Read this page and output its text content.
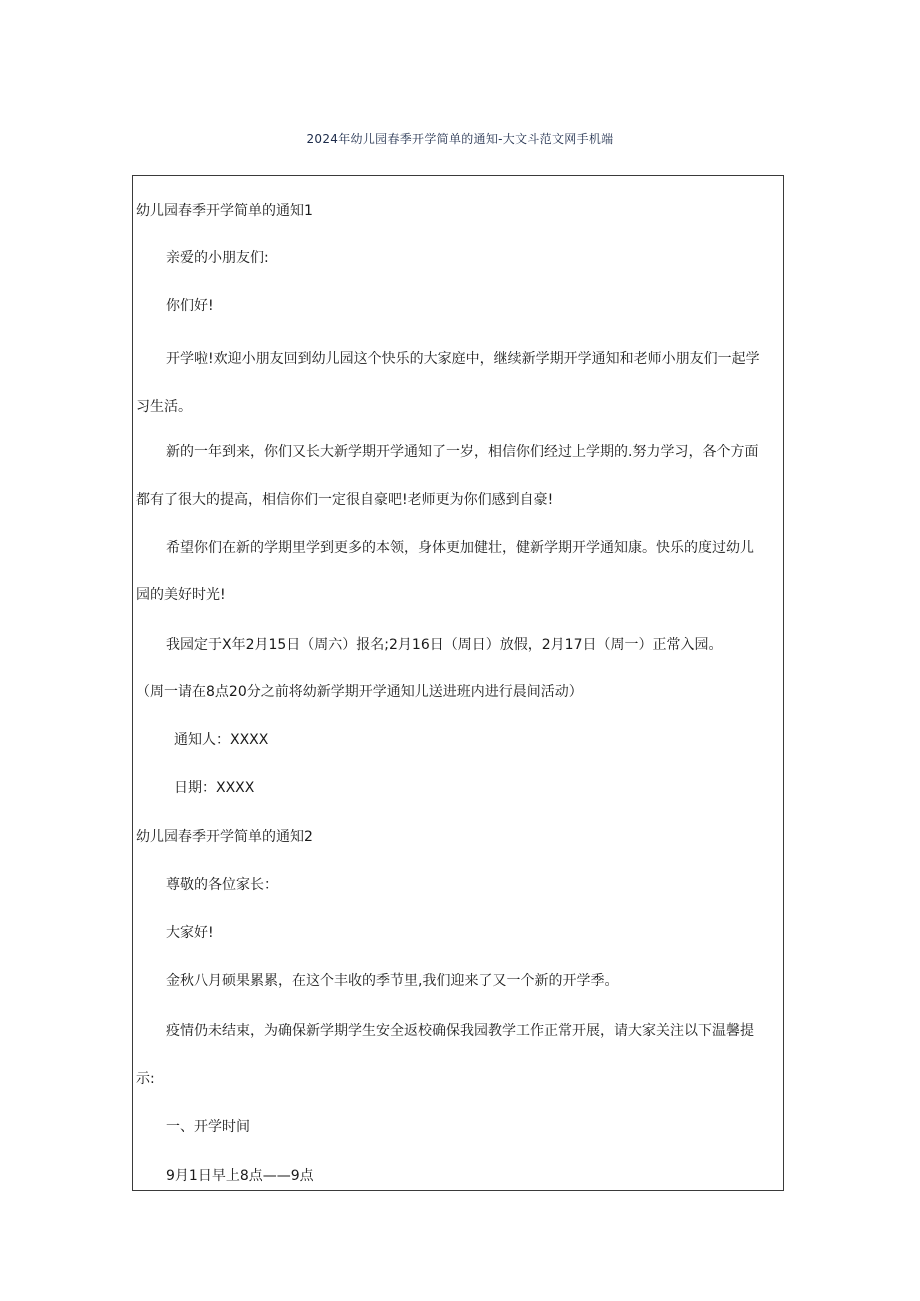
2024年幼儿园春季开学简单的通知-大文斗范文网手机端
幼儿园春季开学简单的通知1
亲爱的小朋友们:
你们好!
开学啦!欢迎小朋友回到幼儿园这个快乐的大家庭中，继续新学期开学通知和老师小朋友们一起学
习生活。
新的一年到来，你们又长大新学期开学通知了一岁，相信你们经过上学期的.努力学习，各个方面
都有了很大的提高，相信你们一定很自豪吧!老师更为你们感到自豪!
希望你们在新的学期里学到更多的本领，身体更加健壮，健新学期开学通知康。快乐的度过幼儿
园的美好时光!
我园定于X年2月15日（周六）报名;2月16日（周日）放假，2月17日（周一）正常入园。
（周一请在8点20分之前将幼新学期开学通知儿送进班内进行晨间活动）
通知人：XXXX
日期：XXXX
幼儿园春季开学简单的通知2
尊敬的各位家长：
大家好!
金秋八月硕果累累，在这个丰收的季节里,我们迎来了又一个新的开学季。
疫情仍未结束，为确保新学期学生安全返校确保我园教学工作正常开展，请大家关注以下温馨提
示:
一、开学时间
9月1日早上8点——9点
